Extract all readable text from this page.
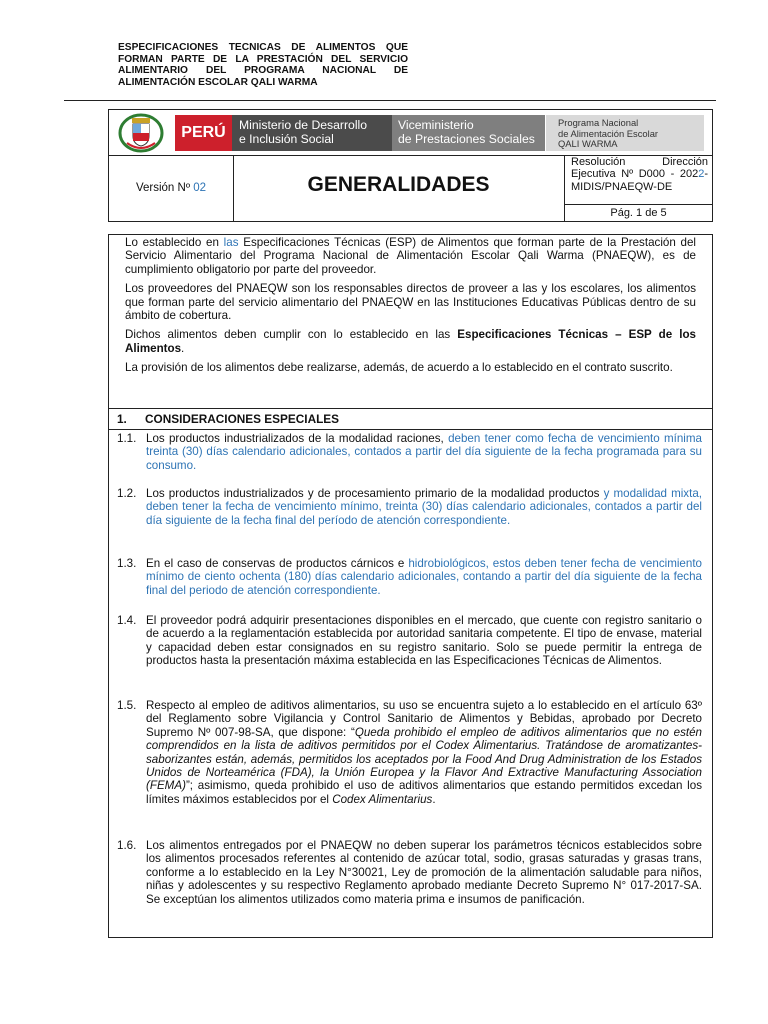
ESPECIFICACIONES TECNICAS DE ALIMENTOS QUE FORMAN PARTE DE LA PRESTACIÓN DEL SERVICIO ALIMENTARIO DEL PROGRAMA NACIONAL DE ALIMENTACIÓN ESCOLAR QALI WARMA
PERÚ	Ministerio de Desarrollo
e Inclusión Social
Viceministerio
de Prestaciones Sociales
Programa Nacional
de Alimentación Escolar
QALI WARMA
Versión Nº 02	GENERALIDADES
Resolución Dirección Ejecutiva Nº D000 - 2022-MIDIS/PNAEQW-DE
Pág. 1 de 5

Lo establecido en las Especificaciones Técnicas (ESP) de Alimentos que forman parte de la Prestación del Servicio Alimentario del Programa Nacional de Alimentación Escolar Qali Warma (PNAEQW), es de cumplimiento obligatorio por parte del proveedor.

Los proveedores del PNAEQW son los responsables directos de proveer a las y los escolares, los alimentos que forman parte del servicio alimentario del PNAEQW en las Instituciones Educativas Públicas dentro de su ámbito de cobertura.

Dichos alimentos deben cumplir con lo establecido en las Especificaciones Técnicas – ESP de los Alimentos.

La provisión de los alimentos debe realizarse, además, de acuerdo a lo establecido en el contrato suscrito.

1. CONSIDERACIONES ESPECIALES
1.1. Los productos industrializados de la modalidad raciones, deben tener como fecha de vencimiento mínima treinta (30) días calendario adicionales, contados a partir del día siguiente de la fecha programada para su consumo.
1.2. Los productos industrializados y de procesamiento primario de la modalidad productos y modalidad mixta, deben tener la fecha de vencimiento mínimo, treinta (30) días calendario adicionales, contados a partir del día siguiente de la fecha final del período de atención correspondiente.
1.3. En el caso de conservas de productos cárnicos e hidrobiológicos, estos deben tener fecha de vencimiento mínimo de ciento ochenta (180) días calendario adicionales, contando a partir del día siguiente de la fecha final del periodo de atención correspondiente.
1.4. El proveedor podrá adquirir presentaciones disponibles en el mercado, que cuente con registro sanitario o de acuerdo a la reglamentación establecida por autoridad sanitaria competente. El tipo de envase, material y capacidad deben estar consignados en su registro sanitario. Solo se puede permitir la entrega de productos hasta la presentación máxima establecida en las Especificaciones Técnicas de Alimentos.
1.5. Respecto al empleo de aditivos alimentarios, su uso se encuentra sujeto a lo establecido en el artículo 63º del Reglamento sobre Vigilancia y Control Sanitario de Alimentos y Bebidas, aprobado por Decreto Supremo Nº 007-98-SA, que dispone: “Queda prohibido el empleo de aditivos alimentarios que no estén comprendidos en la lista de aditivos permitidos por el Codex Alimentarius. Tratándose de aromatizantes-saborizantes están, además, permitidos los aceptados por la Food And Drug Administration de los Estados Unidos de Norteamérica (FDA), la Unión Europea y la Flavor And Extractive Manufacturing Association (FEMA)”; asimismo, queda prohibido el uso de aditivos alimentarios que estando permitidos excedan los límites máximos establecidos por el Codex Alimentarius.
1.6. Los alimentos entregados por el PNAEQW no deben superar los parámetros técnicos establecidos sobre los alimentos procesados referentes al contenido de azúcar total, sodio, grasas saturadas y grasas trans, conforme a lo establecido en la Ley N°30021, Ley de promoción de la alimentación saludable para niños, niñas y adolescentes y su respectivo Reglamento aprobado mediante Decreto Supremo N° 017-2017-SA. Se exceptúan los alimentos utilizados como materia prima e insumos de panificación.
